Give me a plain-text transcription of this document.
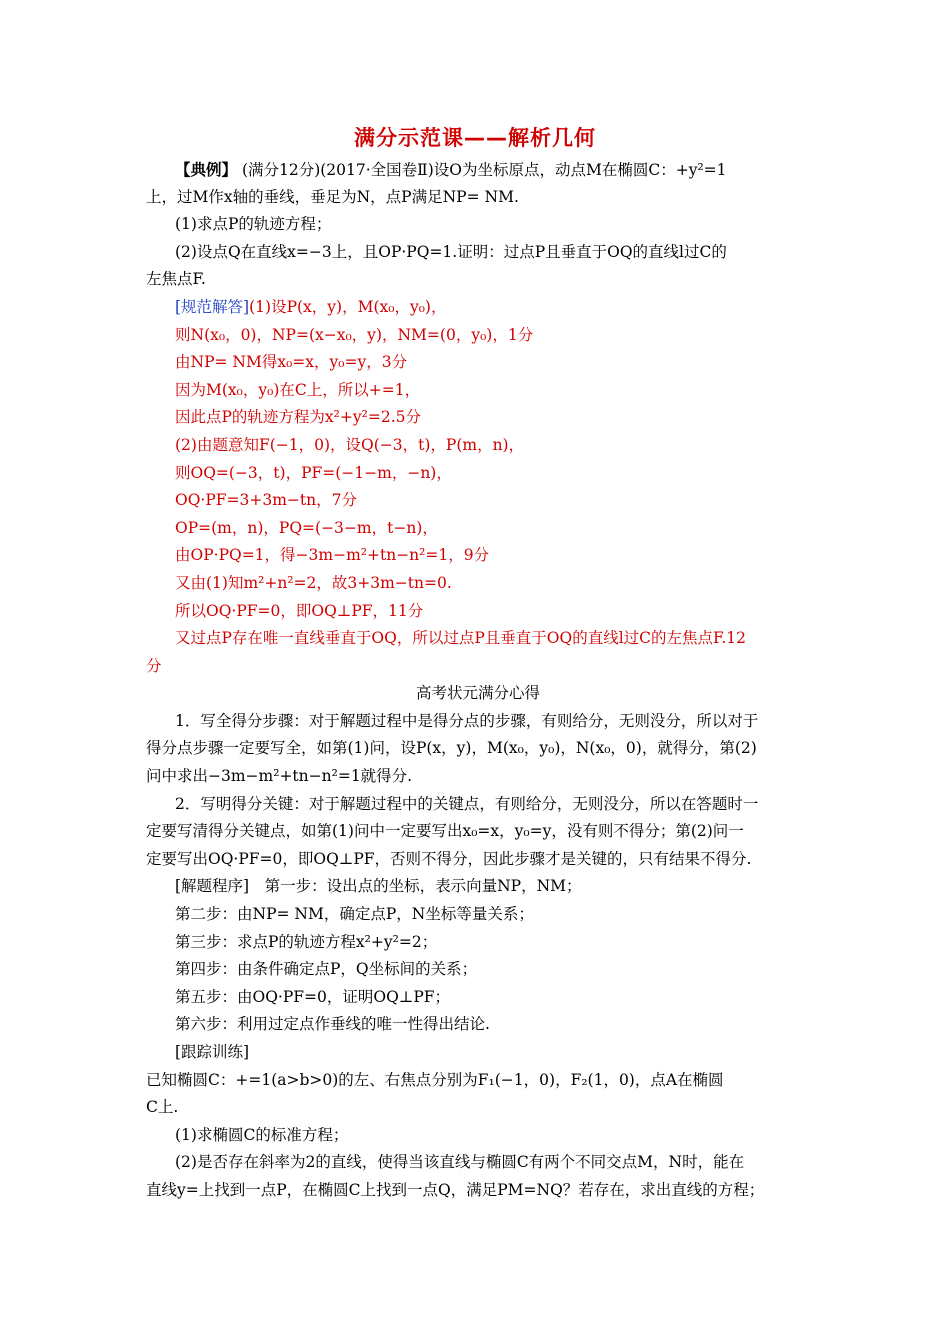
满分示范课——解析几何
【典例】 (满分12分)(2017·全国卷Ⅱ)设O为坐标原点，动点M在椭圆C：+y²=1
上，过M作x轴的垂线，垂足为N，点P满足NP= NM.
(1)求点P的轨迹方程；
(2)设点Q在直线x=−3上，且OP·PQ=1.证明：过点P且垂直于OQ的直线l过C的
左焦点F.
[规范解答](1)设P(x，y)，M(x₀，y₀)，
则N(x₀，0)，NP=(x−x₀，y)，NM=(0，y₀)，1分
由NP= NM得x₀=x，y₀=y，3分
因为M(x₀，y₀)在C上，所以+=1，
因此点P的轨迹方程为x²+y²=2.5分
(2)由题意知F(−1，0)，设Q(−3，t)，P(m，n)，
则OQ=(−3，t)，PF=(−1−m，−n)，
OQ·PF=3+3m−tn，7分
OP=(m，n)，PQ=(−3−m，t−n)，
由OP·PQ=1，得−3m−m²+tn−n²=1，9分
又由(1)知m²+n²=2，故3+3m−tn=0.
所以OQ·PF=0，即OQ⊥PF，11分
又过点P存在唯一直线垂直于OQ，所以过点P且垂直于OQ的直线l过C的左焦点F.12
分
高考状元满分心得
1．写全得分步骤：对于解题过程中是得分点的步骤，有则给分，无则没分，所以对于
得分点步骤一定要写全，如第(1)问，设P(x，y)，M(x₀，y₀)，N(x₀，0)，就得分，第(2)
问中求出−3m−m²+tn−n²=1就得分.
2．写明得分关键：对于解题过程中的关键点，有则给分，无则没分，所以在答题时一
定要写清得分关键点，如第(1)问中一定要写出x₀=x，y₀=y，没有则不得分；第(2)问一
定要写出OQ·PF=0，即OQ⊥PF，否则不得分，因此步骤才是关键的，只有结果不得分.
[解题程序]　第一步：设出点的坐标，表示向量NP，NM；
第二步：由NP= NM，确定点P，N坐标等量关系；
第三步：求点P的轨迹方程x²+y²=2；
第四步：由条件确定点P，Q坐标间的关系；
第五步：由OQ·PF=0，证明OQ⊥PF；
第六步：利用过定点作垂线的唯一性得出结论.
[跟踪训练]
已知椭圆C：+=1(a>b>0)的左、右焦点分别为F₁(−1，0)，F₂(1，0)，点A在椭圆
C上.
(1)求椭圆C的标准方程；
(2)是否存在斜率为2的直线，使得当该直线与椭圆C有两个不同交点M，N时，能在
直线y=上找到一点P，在椭圆C上找到一点Q，满足PM=NQ？若存在，求出直线的方程；
